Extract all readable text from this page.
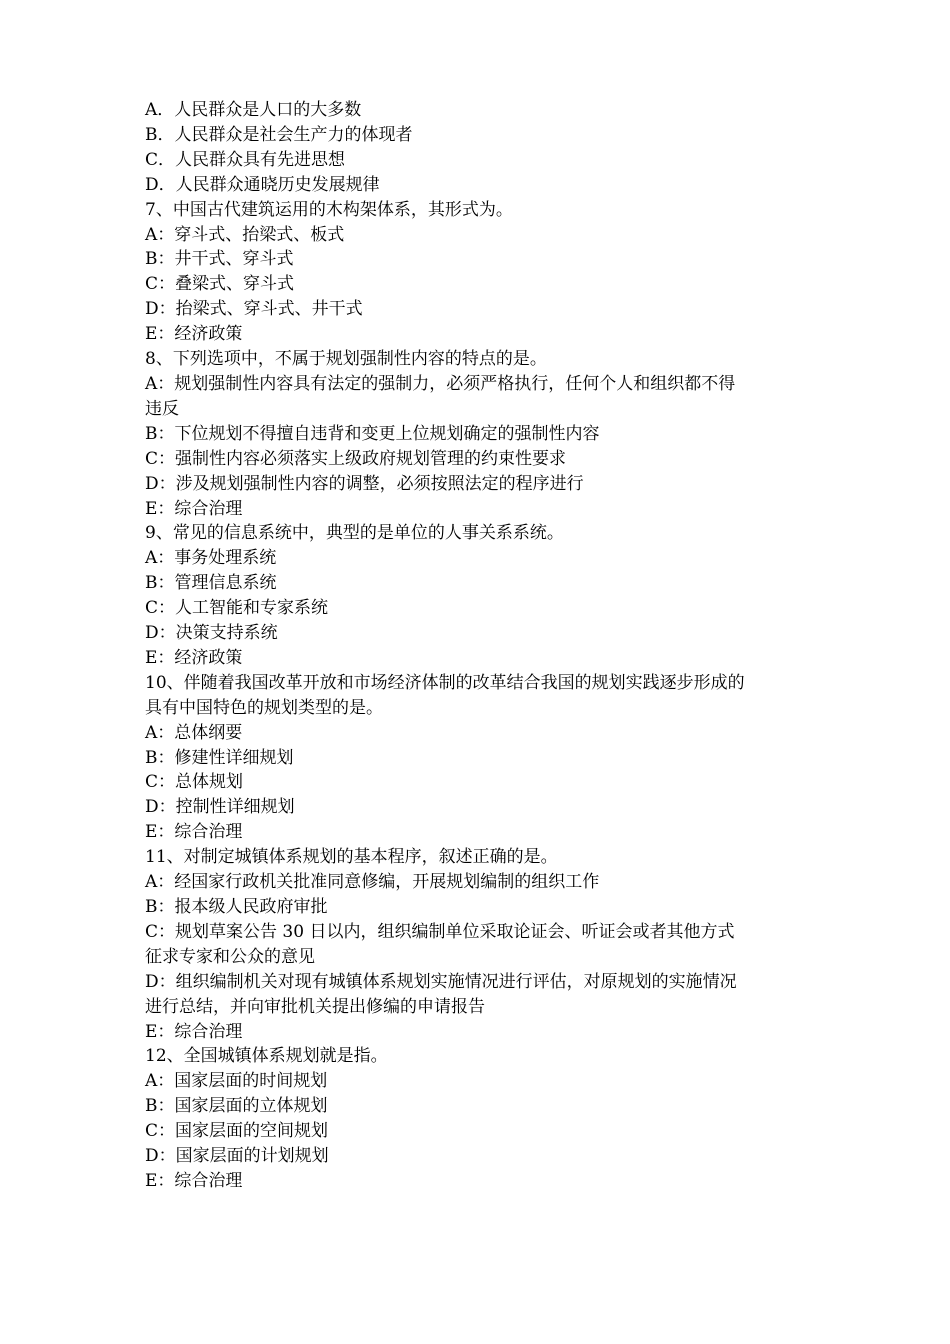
A．人民群众是人口的大多数
B．人民群众是社会生产力的体现者
C．人民群众具有先进思想
D．人民群众通晓历史发展规律
7、中国古代建筑运用的木构架体系，其形式为。
A：穿斗式、抬梁式、板式
B：井干式、穿斗式
C：叠梁式、穿斗式
D：抬梁式、穿斗式、井干式
E：经济政策
8、下列选项中，不属于规划强制性内容的特点的是。
A：规划强制性内容具有法定的强制力，必须严格执行，任何个人和组织都不得
违反
B：下位规划不得擅自违背和变更上位规划确定的强制性内容
C：强制性内容必须落实上级政府规划管理的约束性要求
D：涉及规划强制性内容的调整，必须按照法定的程序进行
E：综合治理
9、常见的信息系统中，典型的是单位的人事关系系统。
A：事务处理系统
B：管理信息系统
C：人工智能和专家系统
D：决策支持系统
E：经济政策
10、伴随着我国改革开放和市场经济体制的改革结合我国的规划实践逐步形成的
具有中国特色的规划类型的是。
A：总体纲要
B：修建性详细规划
C：总体规划
D：控制性详细规划
E：综合治理
11、对制定城镇体系规划的基本程序，叙述正确的是。
A：经国家行政机关批准同意修编，开展规划编制的组织工作
B：报本级人民政府审批
C：规划草案公告 30 日以内，组织编制单位采取论证会、听证会或者其他方式
征求专家和公众的意见
D：组织编制机关对现有城镇体系规划实施情况进行评估，对原规划的实施情况
进行总结，并向审批机关提出修编的申请报告
E：综合治理
12、全国城镇体系规划就是指。
A：国家层面的时间规划
B：国家层面的立体规划
C：国家层面的空间规划
D：国家层面的计划规划
E：综合治理
